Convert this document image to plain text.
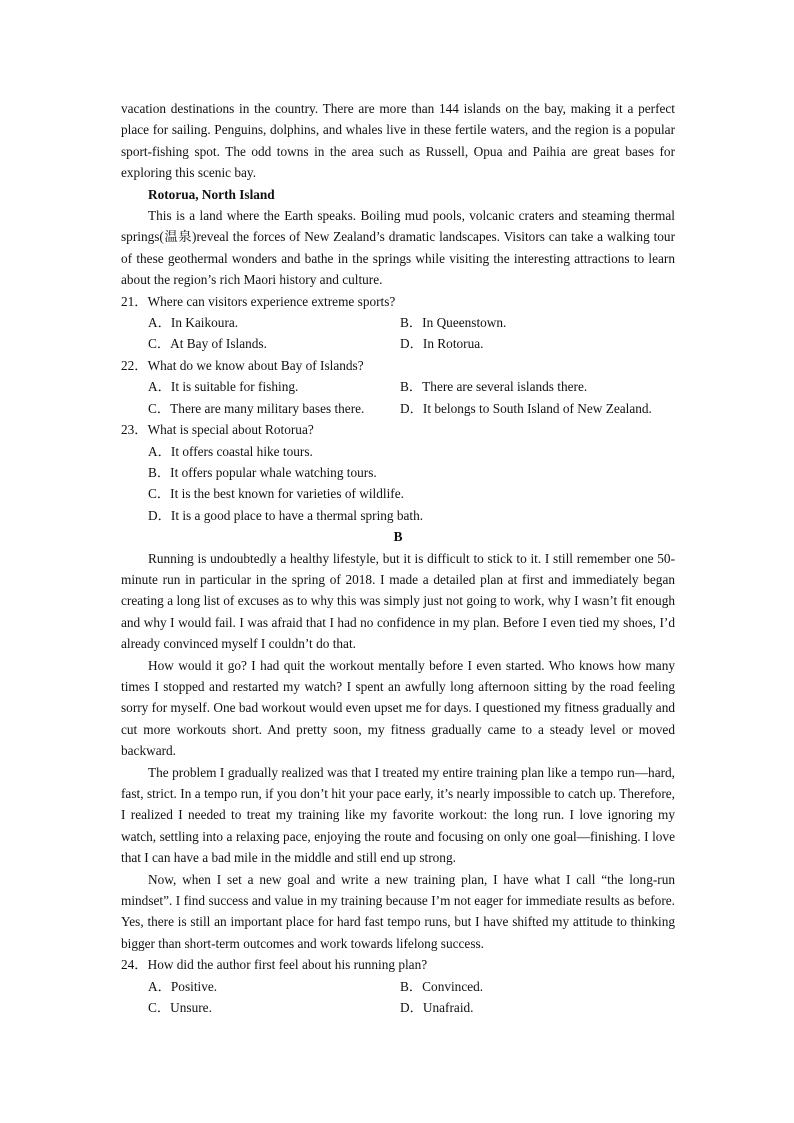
vacation destinations in the country. There are more than 144 islands on the bay, making it a perfect place for sailing. Penguins, dolphins, and whales live in these fertile waters, and the region is a popular sport-fishing spot. The odd towns in the area such as Russell, Opua and Paihia are great bases for exploring this scenic bay.

Rotorua, North Island

This is a land where the Earth speaks. Boiling mud pools, volcanic craters and steaming thermal springs(温泉)reveal the forces of New Zealand’s dramatic landscapes. Visitors can take a walking tour of these geothermal wonders and bathe in the springs while visiting the interesting attractions to learn about the region’s rich Maori history and culture.

21．Where can visitors experience extreme sports?

A．In Kaikoura.	B．In Queenstown.
C．At Bay of Islands.	D．In Rotorua.

22．What do we know about Bay of Islands?

A．It is suitable for fishing.	B．There are several islands there.
C．There are many military bases there.	D．It belongs to South Island of New Zealand.

23．What is special about Rotorua?

A．It offers coastal hike tours.
B．It offers popular whale watching tours.
C．It is the best known for varieties of wildlife.
D．It is a good place to have a thermal spring bath.

B

Running is undoubtedly a healthy lifestyle, but it is difficult to stick to it. I still remember one 50-minute run in particular in the spring of 2018. I made a detailed plan at first and immediately began creating a long list of excuses as to why this was simply just not going to work, why I wasn’t fit enough and why I would fail. I was afraid that I had no confidence in my plan. Before I even tied my shoes, I’d already convinced myself I couldn’t do that.

How would it go? I had quit the workout mentally before I even started. Who knows how many times I stopped and restarted my watch? I spent an awfully long afternoon sitting by the road feeling sorry for myself. One bad workout would even upset me for days. I questioned my fitness gradually and cut more workouts short. And pretty soon, my fitness gradually came to a steady level or moved backward.

The problem I gradually realized was that I treated my entire training plan like a tempo run—hard, fast, strict. In a tempo run, if you don’t hit your pace early, it’s nearly impossible to catch up. Therefore, I realized I needed to treat my training like my favorite workout: the long run. I love ignoring my watch, settling into a relaxing pace, enjoying the route and focusing on only one goal—finishing. I love that I can have a bad mile in the middle and still end up strong.

Now, when I set a new goal and write a new training plan, I have what I call “the long-run mindset”. I find success and value in my training because I’m not eager for immediate results as before. Yes, there is still an important place for hard fast tempo runs, but I have shifted my attitude to thinking bigger than short-term outcomes and work towards lifelong success.

24．How did the author first feel about his running plan?

A．Positive.	B．Convinced.
C．Unsure.	D．Unafraid.
